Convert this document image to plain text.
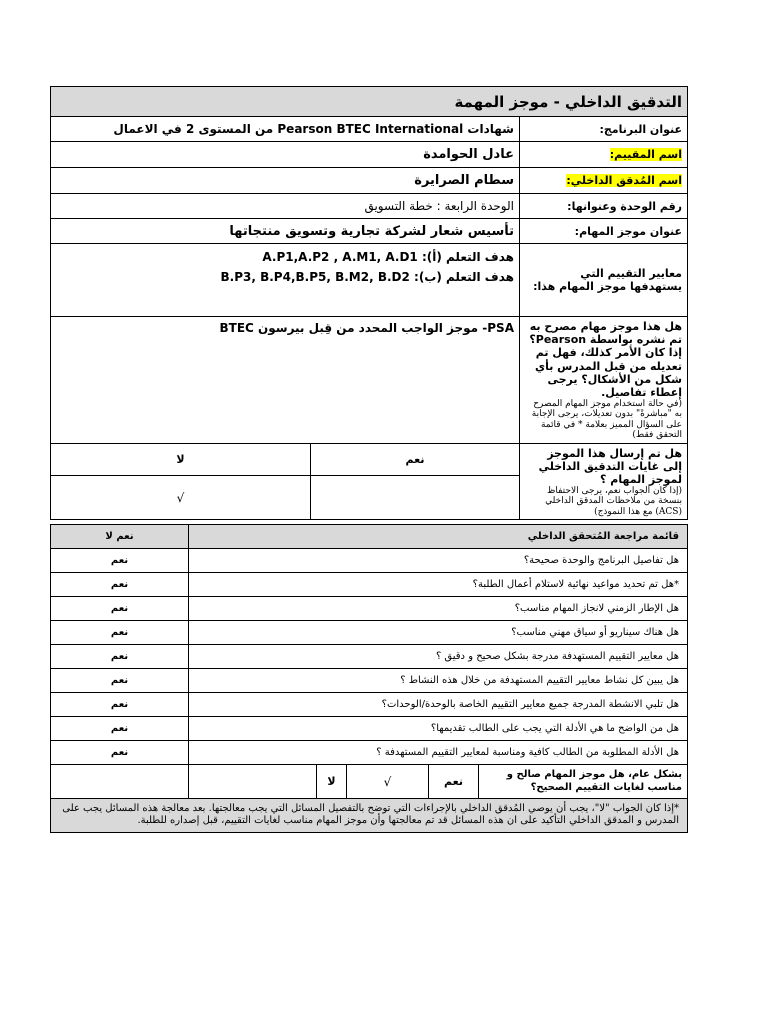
التدقيق الداخلي - موجز المهمة	
عنوان البرنامج:	شهادات Pearson BTEC International من المستوى 2 في الاعمال
اسم المقييم:	عادل الحوامدة
اسم المُدقق الداخلي:	سطام الصرايرة
رقم الوحدة وعنوانها:	الوحدة الرابعة : خطة التسويق
عنوان موجز المهام:	تأسيس شعار لشركة تجارية وتسويق منتجاتها
معايير التقييم التي يستهدفها موجز المهام هذا:	هدف التعلم (أ): A.P1,A.P2 , A.M1, A.D1
هدف التعلم (ب): B.P3, B.P4,B.P5, B.M2, B.D2

هل هذا موجز مهام مصرح به تم نشره بواسطة Pearson؟ إذا كان الأمر كذلك، فهل تم تعديله من قبل المدرس بأي شكل من الأشكال؟ يرجى إعطاء تفاصيل.
(في حالة استخدام موجز المهام المصرح به "مباشرةً" بدون تعديلات، يرجى الإجابة على السؤال المميز بعلامة * في قائمة التحقق فقط)	PSA- موجز الواجب المحدد من قِبل بيرسون BTEC
هل تم إرسال هذا الموجز إلى غايات التدقيق الداخلي لموجز المهام ؟
(إذا كان الجواب نعم، يرجى الاحتفاظ بنسخة من ملاحظات المدقق الداخلي (ACS) مع هذا النموذج)	نعم	لا
		√
قائمة مراجعة المُتحقق الداخلي	نعم لا
هل تفاصيل البرنامج والوحدة صحيحة؟	نعم
*هل تم تحديد مواعيد نهائية لاستلام أعمال الطلبة؟	نعم
هل الإطار الزمني لانجاز المهام مناسب؟	نعم
هل هناك سيناريو أو سياق مهني مناسب؟	نعم
هل معايير التقييم المستهدفة مدرجة بشكل صحيح و دقيق ؟	نعم
هل يبين كل نشاط معايير التقييم المستهدفة من خلال هذه النشاط ؟	نعم
هل تلبي الانشطة المدرجة جميع معايير التقييم الخاصة بالوحدة/الوحدات؟	نعم
هل من الواضح ما هي الأدلة التي يجب على الطالب تقديمها؟	نعم
هل الأدلة المطلوبة من الطالب كافية ومناسبة لمعايير التقييم المستهدفة ؟	نعم
بشكل عام، هل موجز المهام صالح و مناسب لغايات التقييم الصحيح؟	نعم	√	لا		
*إذا كان الجواب "لا"، يجب أن يوصي المُدقق الداخلي بالإجراءات التي توضح بالتفصيل المسائل التي يجب معالجتها. بعد معالجة هذه المسائل يجب على المدرس و المدقق الداخلي التأكيد على ان هذه المسائل قد تم معالجتها وأن موجز المهام مناسب لغايات التقييم، قبل إصداره للطلبة.
